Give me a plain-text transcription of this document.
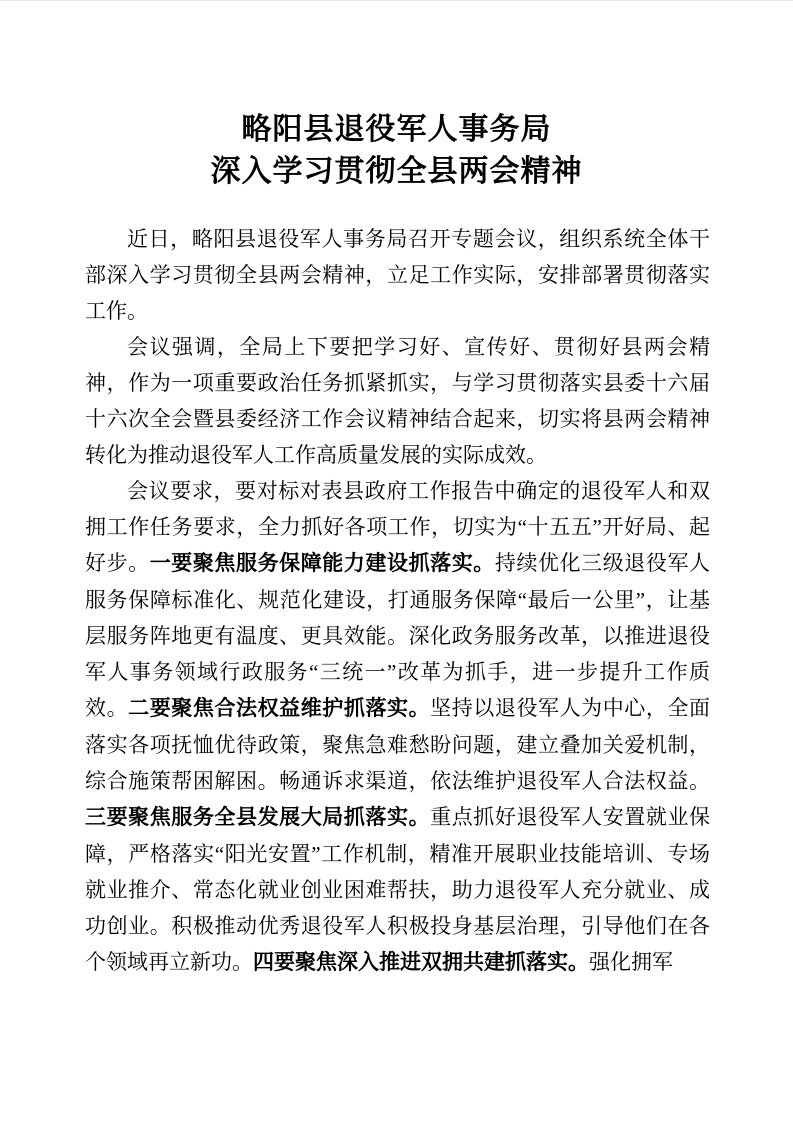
略阳县退役军人事务局
深入学习贯彻全县两会精神

近日，略阳县退役军人事务局召开专题会议，组织系统全体干部深入学习贯彻全县两会精神，立足工作实际，安排部署贯彻落实工作。

会议强调，全局上下要把学习好、宣传好、贯彻好县两会精神，作为一项重要政治任务抓紧抓实，与学习贯彻落实县委十六届十六次全会暨县委经济工作会议精神结合起来，切实将县两会精神转化为推动退役军人工作高质量发展的实际成效。

会议要求，要对标对表县政府工作报告中确定的退役军人和双拥工作任务要求，全力抓好各项工作，切实为“十五五”开好局、起好步。一要聚焦服务保障能力建设抓落实。持续优化三级退役军人服务保障标准化、规范化建设，打通服务保障“最后一公里”，让基层服务阵地更有温度、更具效能。深化政务服务改革，以推进退役军人事务领域行政服务“三统一”改革为抓手，进一步提升工作质效。二要聚焦合法权益维护抓落实。坚持以退役军人为中心，全面落实各项抚恤优待政策，聚焦急难愁盼问题，建立叠加关爱机制，综合施策帮困解困。畅通诉求渠道，依法维护退役军人合法权益。三要聚焦服务全县发展大局抓落实。重点抓好退役军人安置就业保障，严格落实“阳光安置”工作机制，精准开展职业技能培训、专场就业推介、常态化就业创业困难帮扶，助力退役军人充分就业、成功创业。积极推动优秀退役军人积极投身基层治理，引导他们在各个领域再立新功。四要聚焦深入推进双拥共建抓落实。强化拥军
